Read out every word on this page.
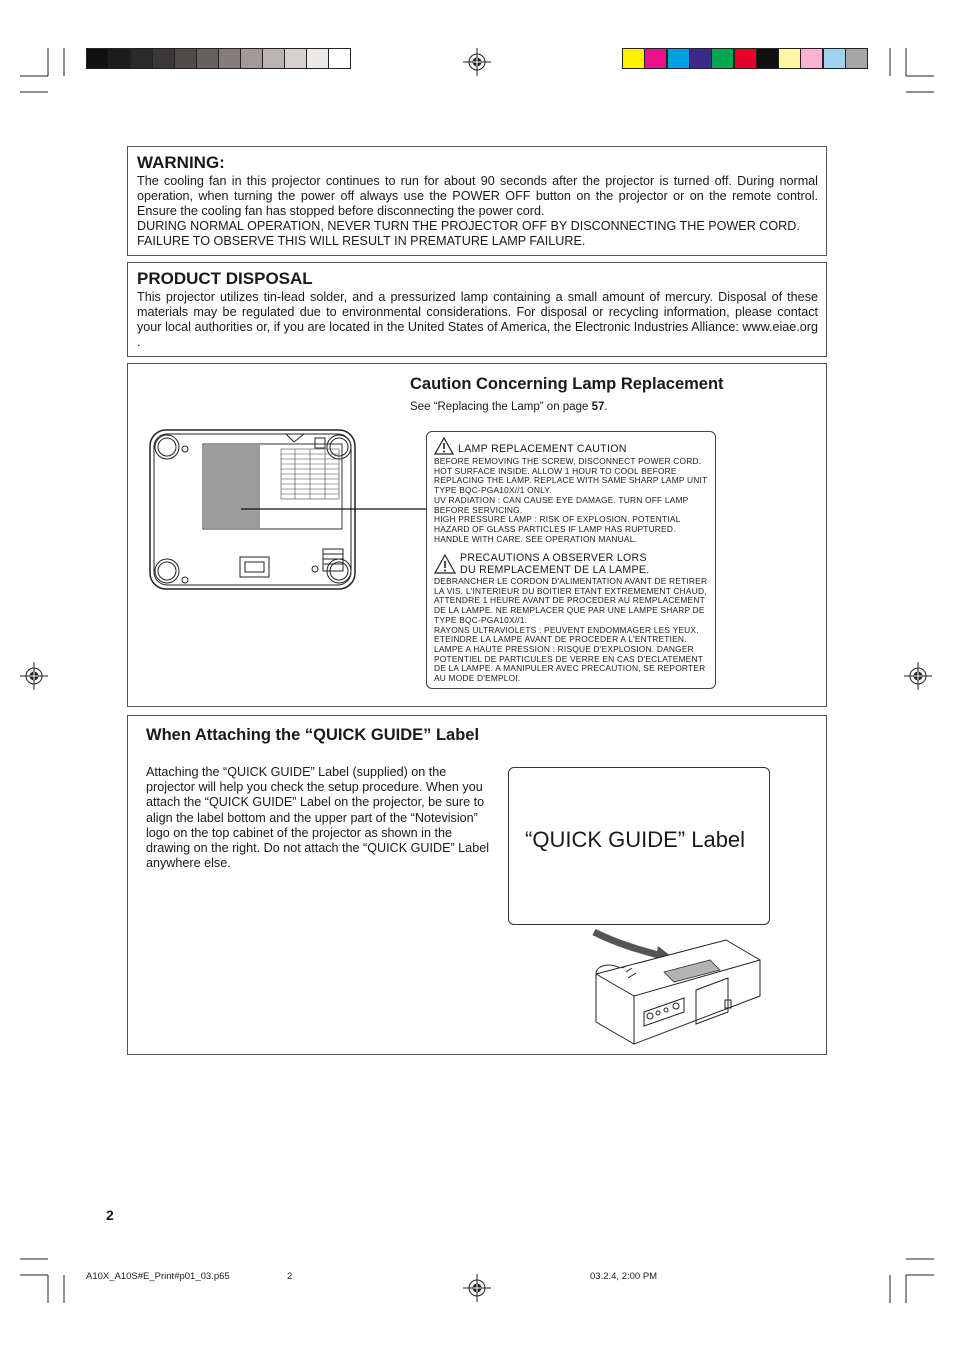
WARNING:
The cooling fan in this projector continues to run for about 90 seconds after the projector is turned off. During normal operation, when turning the power off always use the POWER OFF button on the projector or on the remote control. Ensure the cooling fan has stopped before disconnecting the power cord.
DURING NORMAL OPERATION, NEVER TURN THE PROJECTOR OFF BY DISCONNECTING THE POWER CORD. FAILURE TO OBSERVE THIS WILL RESULT IN PREMATURE LAMP FAILURE.
PRODUCT DISPOSAL
This projector utilizes tin-lead solder, and a pressurized lamp containing a small amount of mercury. Disposal of these materials may be regulated due to environmental considerations. For disposal or recycling information, please contact your local authorities or, if you are located in the United States of America, the Electronic Industries Alliance: www.eiae.org .
Caution Concerning Lamp Replacement
See “Replacing the Lamp” on page 57.
LAMP REPLACEMENT CAUTION
BEFORE REMOVING THE SCREW, DISCONNECT POWER CORD.
HOT SURFACE INSIDE. ALLOW 1 HOUR TO COOL BEFORE
REPLACING THE LAMP. REPLACE WITH SAME SHARP LAMP UNIT
TYPE BQC-PGA10X//1 ONLY.
UV RADIATION : CAN CAUSE EYE DAMAGE. TURN OFF LAMP
BEFORE SERVICING.
HIGH PRESSURE LAMP : RISK OF EXPLOSION. POTENTIAL
HAZARD OF GLASS PARTICLES IF LAMP HAS RUPTURED.
HANDLE WITH CARE. SEE OPERATION MANUAL.
PRECAUTIONS A OBSERVER LORS
DU REMPLACEMENT DE LA LAMPE.
DEBRANCHER LE CORDON D'ALIMENTATION AVANT DE RETIRER
LA VIS. L'INTERIEUR DU BOITIER ETANT EXTREMEMENT CHAUD,
ATTENDRE 1 HEURE AVANT DE PROCEDER AU REMPLACEMENT
DE LA LAMPE. NE REMPLACER QUE PAR UNE LAMPE SHARP DE
TYPE BQC-PGA10X//1.
RAYONS ULTRAVIOLETS : PEUVENT ENDOMMAGER LES YEUX.
ETEINDRE LA LAMPE AVANT DE PROCEDER A L'ENTRETIEN.
LAMPE A HAUTE PRESSION : RISQUE D'EXPLOSION. DANGER
POTENTIEL DE PARTICULES DE VERRE EN CAS D'ECLATEMENT
DE LA LAMPE. A MANIPULER AVEC PRECAUTION, SE REPORTER
AU MODE D'EMPLOI.
When Attaching the “QUICK GUIDE” Label
Attaching the “QUICK GUIDE” Label (supplied) on the projector will help you check the setup procedure. When you attach the “QUICK GUIDE” Label on the projector, be sure to align the label bottom and the upper part of the “Notevision” logo on the top cabinet of the projector as shown in the drawing on the right. Do not attach the “QUICK GUIDE” Label anywhere else.
“QUICK GUIDE” Label
2
A10X_A10S#E_Print#p01_03.p65	2	03.2.4, 2:00 PM
